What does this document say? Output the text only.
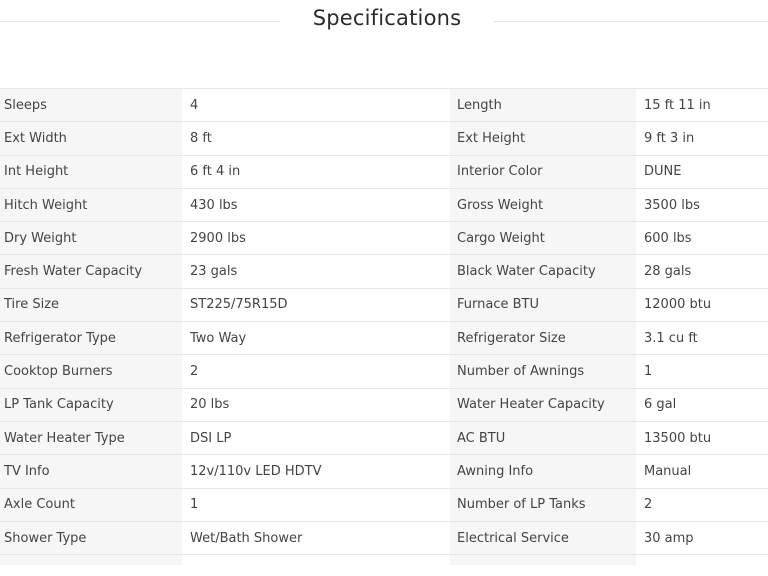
Specifications
Sleeps	4	Length	15 ft 11 in
Ext Width	8 ft	Ext Height	9 ft 3 in
Int Height	6 ft 4 in	Interior Color	DUNE
Hitch Weight	430 lbs	Gross Weight	3500 lbs
Dry Weight	2900 lbs	Cargo Weight	600 lbs
Fresh Water Capacity	23 gals	Black Water Capacity	28 gals
Tire Size	ST225/75R15D	Furnace BTU	12000 btu
Refrigerator Type	Two Way	Refrigerator Size	3.1 cu ft
Cooktop Burners	2	Number of Awnings	1
LP Tank Capacity	20 lbs	Water Heater Capacity	6 gal
Water Heater Type	DSI LP	AC BTU	13500 btu
TV Info	12v/110v LED HDTV	Awning Info	Manual
Axle Count	1	Number of LP Tanks	2
Shower Type	Wet/Bath Shower	Electrical Service	30 amp
